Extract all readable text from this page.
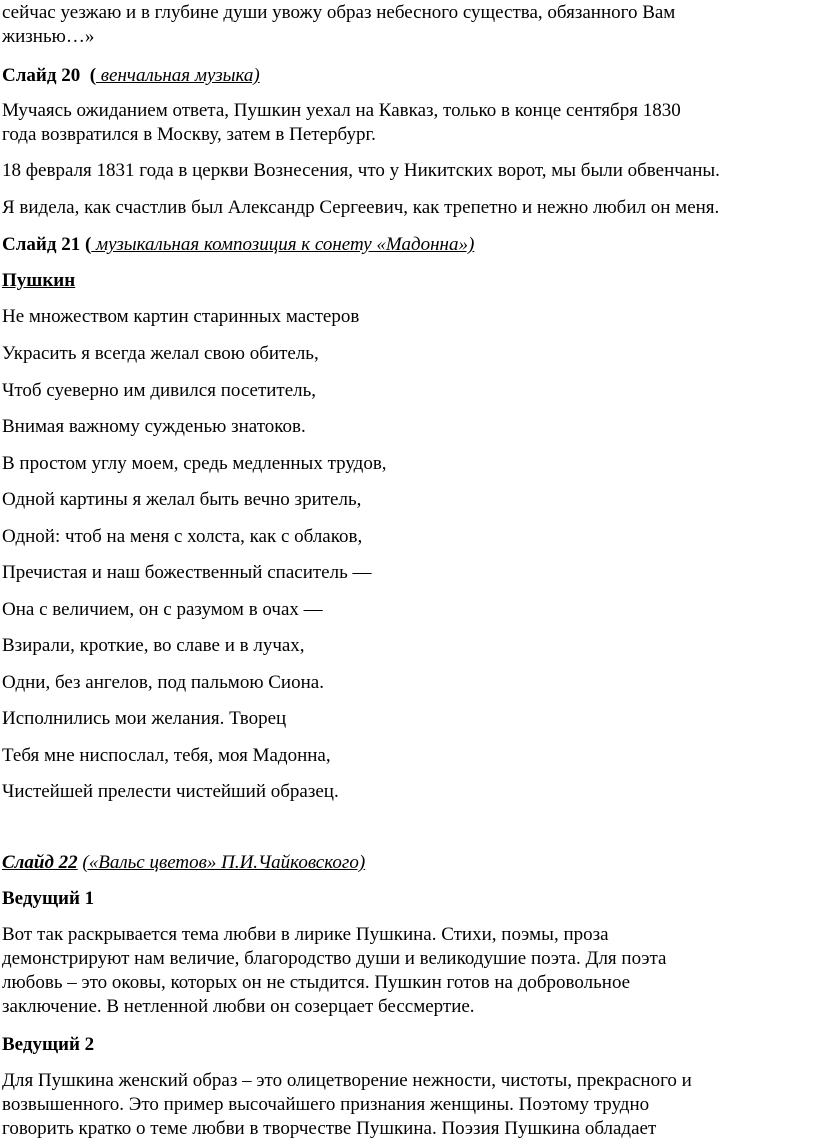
сейчас уезжаю и в глубине души увожу образ небесного существа, обязанного Вам
жизнью…»
Слайд 20 ( венчальная музыка)
Мучаясь ожиданием ответа, Пушкин уехал на Кавказ, только в конце сентября 1830
года возвратился в Москву, затем в Петербург.
18 февраля 1831 года в церкви Вознесения, что у Никитских ворот, мы были обвенчаны.
Я видела, как счастлив был Александр Сергеевич, как трепетно и нежно любил он меня.
Слайд 21 ( музыкальная композиция к сонету «Мадонна»)
Пушкин
Не множеством картин старинных мастеров
Украсить я всегда желал свою обитель,
Чтоб суеверно им дивился посетитель,
Внимая важному сужденью знатоков.
В простом углу моем, средь медленных трудов,
Одной картины я желал быть вечно зритель,
Одной: чтоб на меня с холста, как с облаков,
Пречистая и наш божественный спаситель —
Она с величием, он с разумом в очах —
Взирали, кроткие, во славе и в лучах,
Одни, без ангелов, под пальмою Сиона.
Исполнились мои желания. Творец
Тебя мне ниспослал, тебя, моя Мадонна,
Чистейшей прелести чистейший образец.
Слайд 22 («Вальс цветов» П.И.Чайковского)
Ведущий 1
Вот так раскрывается тема любви в лирике Пушкина. Стихи, поэмы, проза
демонстрируют нам величие, благородство души и великодушие поэта. Для поэта
любовь – это оковы, которых он не стыдится. Пушкин готов на добровольное
заключение. В нетленной любви он созерцает бессмертие.
Ведущий 2
Для Пушкина женский образ – это олицетворение нежности, чистоты, прекрасного и
возвышенного. Это пример высочайшего признания женщины. Поэтому трудно
говорить кратко о теме любви в творчестве Пушкина. Поэзия Пушкина обладает
